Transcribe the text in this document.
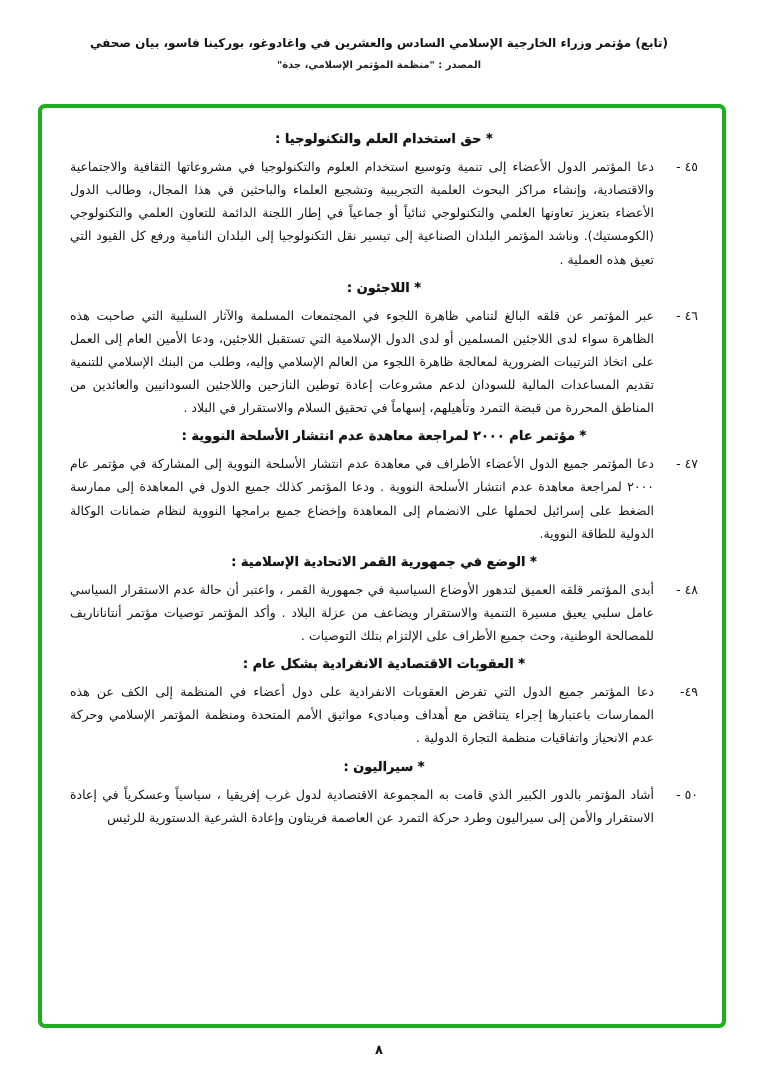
(تابع) مؤتمر وزراء الخارجية الإسلامي السادس والعشرين في واغادوغو، بوركينا فاسو، بيان صحفي
المصدر : "منظمة المؤتمر الإسلامي، جدة"
* حق استخدام العلم والتكنولوجيا :
٤٥ -
دعا المؤتمر الدول الأعضاء إلى تنمية وتوسيع استخدام العلوم والتكنولوجيا في مشروعاتها الثقافية والاجتماعية والاقتصادية، وإنشاء مراكز البحوث العلمية التجريبية وتشجيع العلماء والباحثين في هذا المجال، وطالب الدول الأعضاء بتعزيز تعاونها العلمي والتكنولوجي ثنائياً أو جماعياً في إطار اللجنة الدائمة للتعاون العلمي والتكنولوجي (الكومستيك). وناشد المؤتمر البلدان الصناعية إلى تيسير نقل التكنولوجيا إلى البلدان النامية ورفع كل القيود التي تعيق هذه العملية .
* اللاجئون :
٤٦ -
عبر المؤتمر عن قلقه البالغ لتنامي ظاهرة اللجوء في المجتمعات المسلمة والآثار السلبية التي صاحبت هذه الظاهرة سواء لدى اللاجئين المسلمين أو لدى الدول الإسلامية التي تستقبل اللاجئين، ودعا الأمين العام إلى العمل على اتخاذ الترتيبات الضرورية لمعالجة ظاهرة اللجوء من العالم الإسلامي وإليه، وطلب من البنك الإسلامي للتنمية تقديم المساعدات المالية للسودان لدعم مشروعات إعادة توطين النازحين واللاجئين السودانيين والعائدين من المناطق المحررة من قبضة التمرد وتأهيلهم، إسهاماً في تحقيق السلام والاستقرار في البلاد .
* مؤتمر عام ٢٠٠٠ لمراجعة معاهدة عدم انتشار الأسلحة النووية :
٤٧ -
دعا المؤتمر جميع الدول الأعضاء الأطراف في معاهدة عدم انتشار الأسلحة النووية إلى المشاركة في مؤتمر عام ٢٠٠٠ لمراجعة معاهدة عدم انتشار الأسلحة النووية . ودعا المؤتمر كذلك جميع الدول في المعاهدة إلى ممارسة الضغط على إسرائيل لحملها على الانضمام إلى المعاهدة وإخضاع جميع برامجها النووية لنظام ضمانات الوكالة الدولية للطاقة النووية.
* الوضع في جمهورية القمر الاتحادية الإسلامية :
٤٨ -
أبدى المؤتمر قلقه العميق لتدهور الأوضاع السياسية في جمهورية القمر ، واعتبر أن حالة عدم الاستقرار السياسي عامل سلبي يعيق مسيرة التنمية والاستقرار ويضاعف من عزلة البلاد . وأكد المؤتمر توصيات مؤتمر أنتاناناريف للمصالحة الوطنية، وحث جميع الأطراف على الإلتزام بتلك التوصيات .
* العقوبات الاقتصادية الانفرادية بشكل عام :
٤٩-
دعا المؤتمر جميع الدول التي تفرض العقوبات الانفرادية على دول أعضاء في المنظمة إلى الكف عن هذه الممارسات باعتبارها إجراء يتناقض مع أهداف ومبادىء مواثيق الأمم المتحدة ومنظمة المؤتمر الإسلامي وحركة عدم الانحياز واتفاقيات منظمة التجارة الدولية .
* سيراليون :
٥٠ -
أشاد المؤتمر بالدور الكبير الذي قامت به المجموعة الاقتصادية لدول غرب إفريقيا ، سياسياً وعسكرياً في إعادة الاستقرار والأمن إلى سيراليون وطرد حركة التمرد عن العاصمة فريتاون وإعادة الشرعية الدستورية للرئيس
٨
